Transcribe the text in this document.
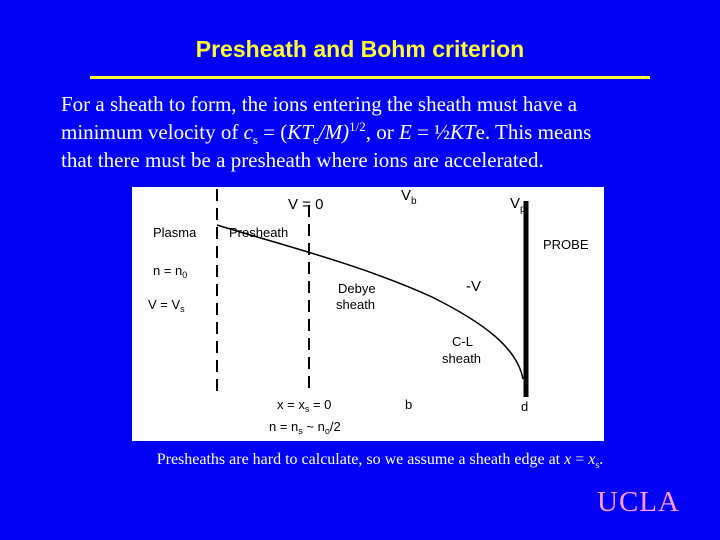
Presheath and Bohm criterion
For a sheath to form, the ions entering the sheath must have a
minimum velocity of $c_s = (KT_e/M)^{1/2}$, or E = ½KTe. This means
that there must be a presheath where ions are accelerated.
V = 0
$V_b$	$V_p$
Plasma	Presheath
PROBE
$n = n_0$
$V = V_s$
Debye
sheath
-V
C-L
sheath
$x = x_s = 0$	b	d
$n = n_s$ ~ $n_o/2$
Presheaths are hard to calculate, so we assume a sheath edge at $x = x_s$.
UCLA
